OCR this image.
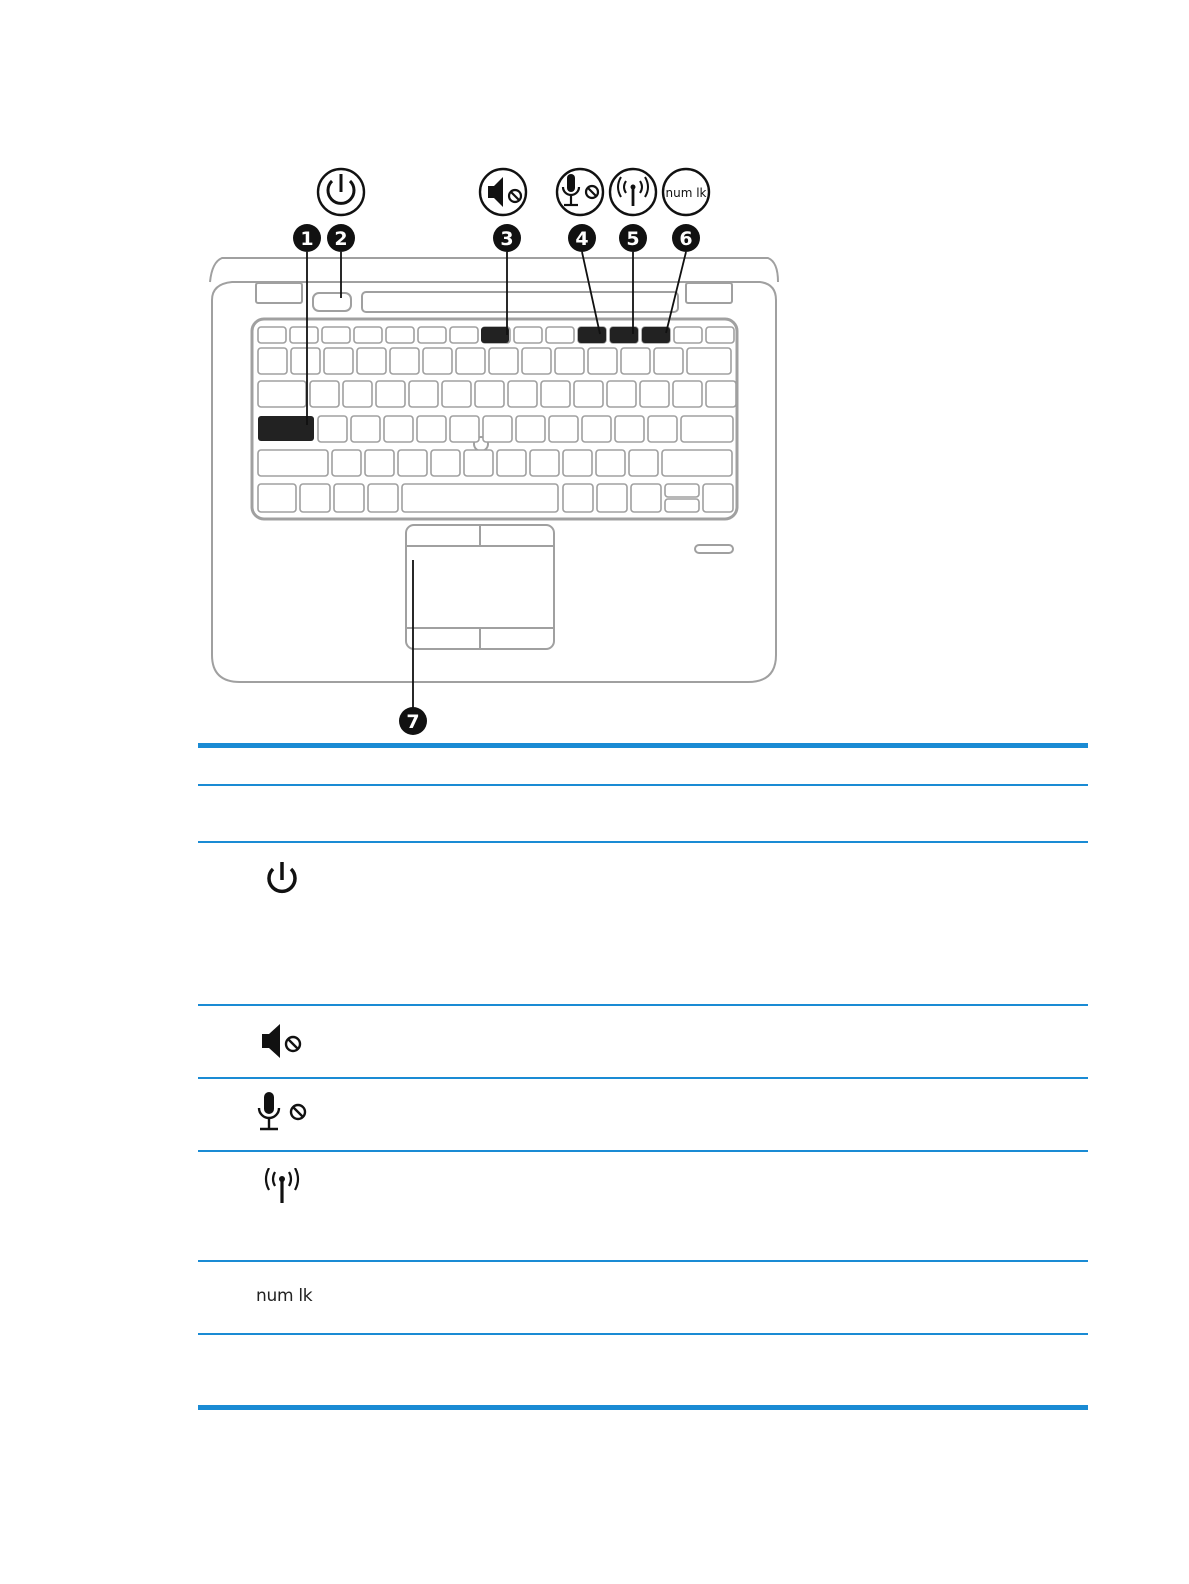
1 2	3	4 5 6
7
num lk
num lk
